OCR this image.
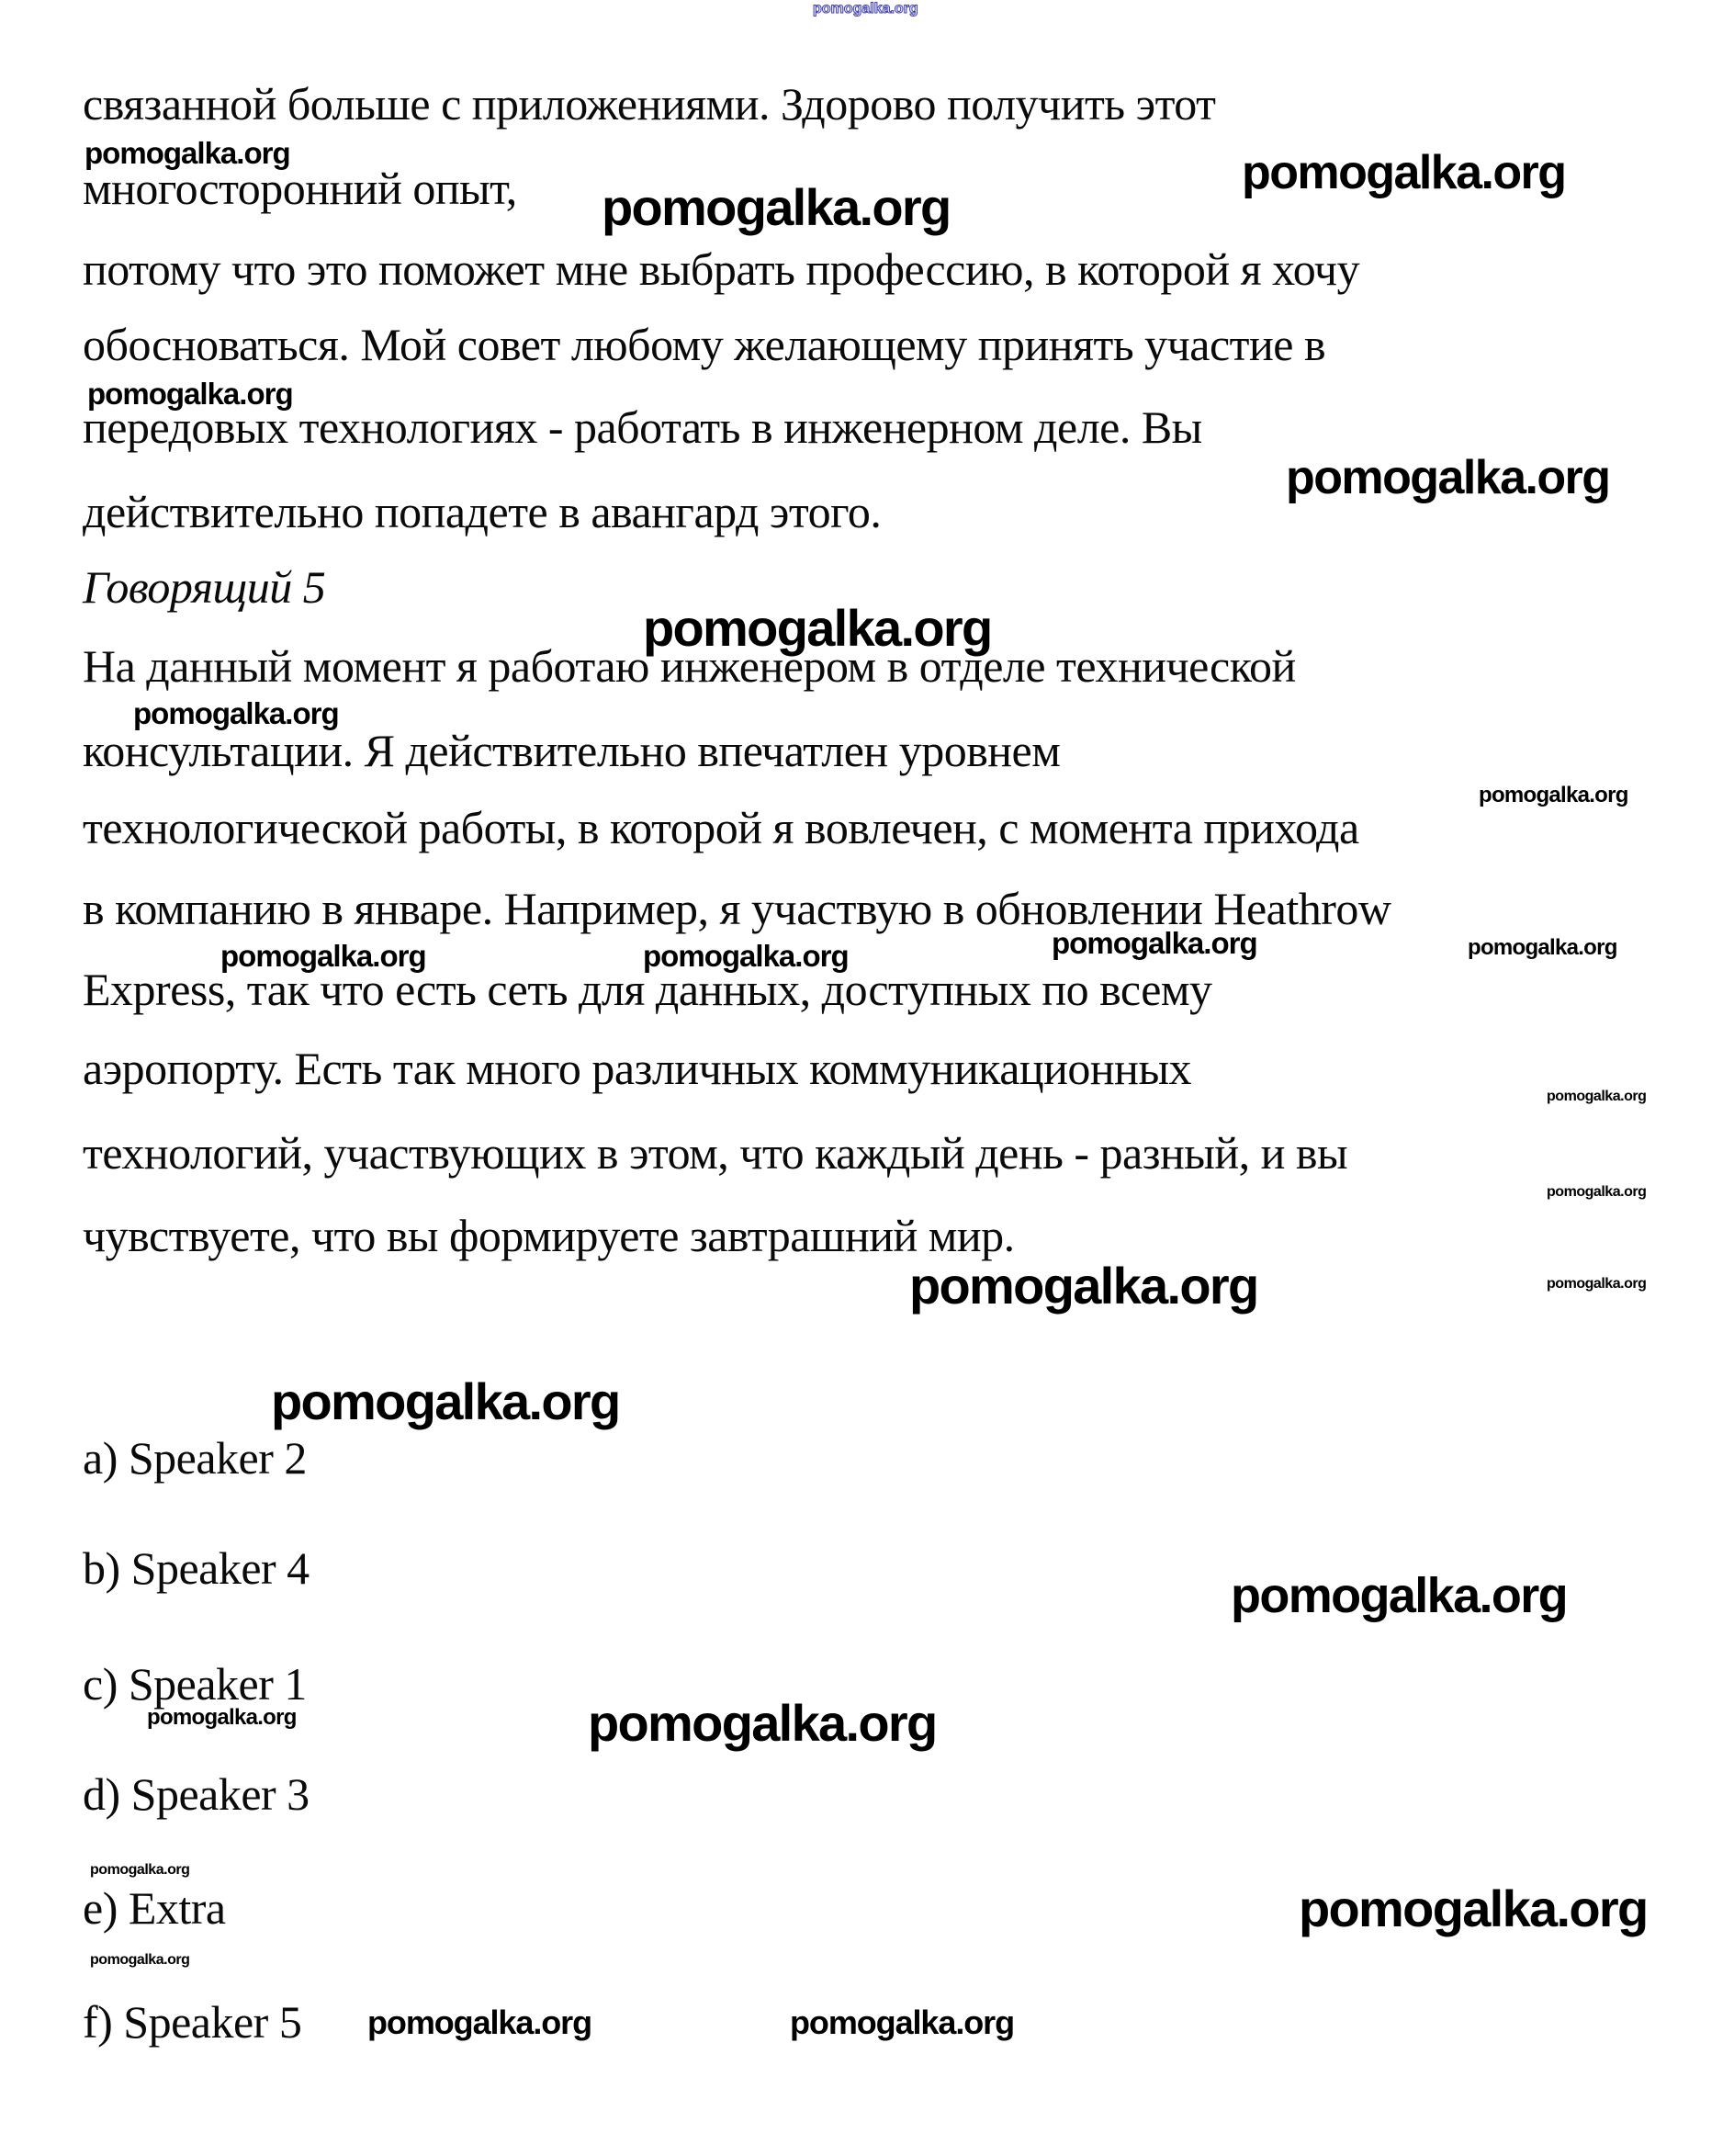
pomogalka.org
связанной больше с приложениями. Здорово получить этот
pomogalka.org
многосторонний опыт, pomogalka.org
pomogalka.org
потому что это поможет мне выбрать профессию, в которой я хочу
обосноваться. Мой совет любому желающему принять участие в
pomogalka.org
передовых технологиях - работать в инженерном деле. Вы
pomogalka.org
действительно попадете в авангард этого.
Говорящий 5
pomogalka.org
На данный момент я работаю инженером в отделе технической
pomogalka.org
консультации. Я действительно впечатлен уровнем
pomogalka.org
технологической работы, в которой я вовлечен, с момента прихода
в компанию в январе. Например, я участвую в обновлении Heathrow
pomogalka.org	pomogalka.org
pomogalka.org	pomogalka.org
Express, так что есть сеть для данных, доступных по всему
аэропорту. Есть так много различных коммуникационных
pomogalka.org
технологий, участвующих в этом, что каждый день - разный, и вы
pomogalka.org
чувствуете, что вы формируете завтрашний мир.
pomogalka.org	pomogalka.org
pomogalka.org
a) Speaker 2
b) Speaker 4	pomogalka.org
c) Speaker 1
pomogalka.org	pomogalka.org
d) Speaker 3
pomogalka.org
e) Extra	pomogalka.org
pomogalka.org
f) Speaker 5 pomogalka.org	pomogalka.org
